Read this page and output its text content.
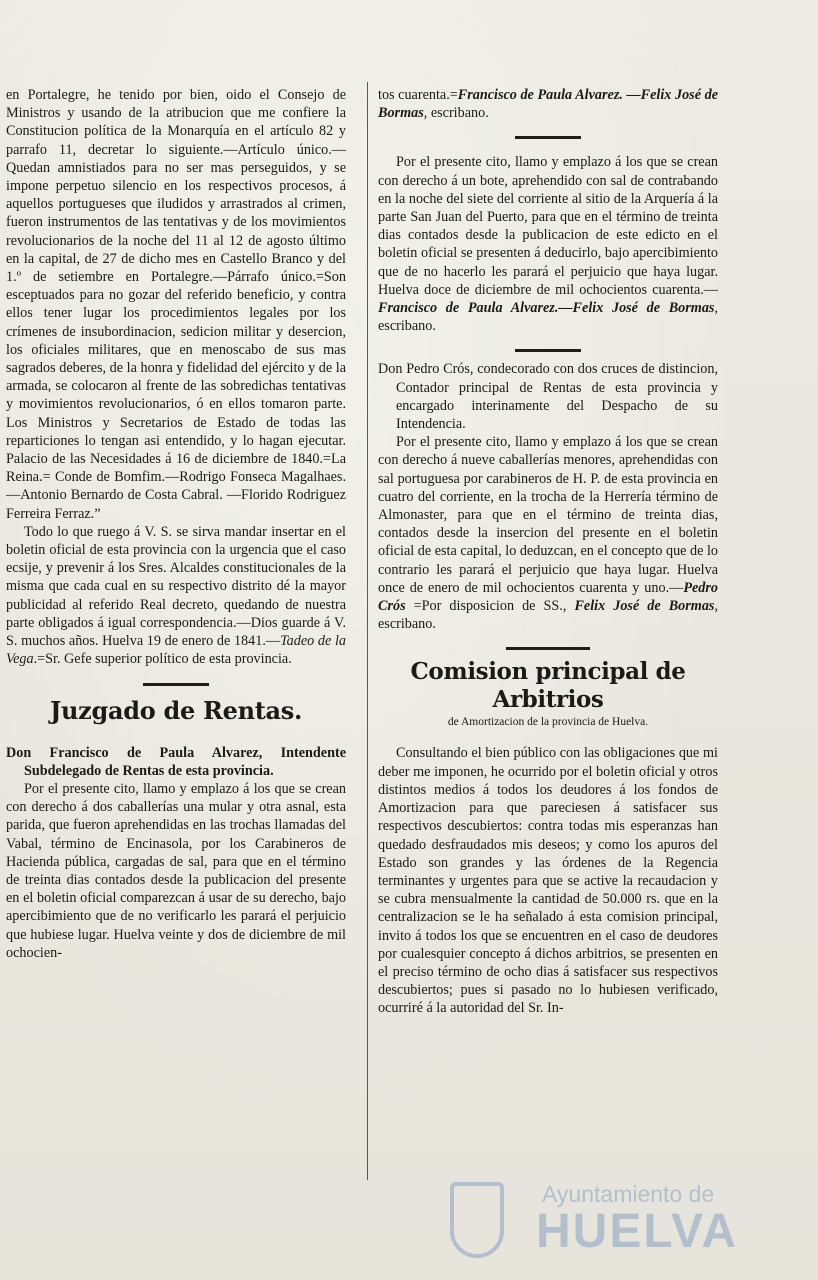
en Portalegre, he tenido por bien, oido el Consejo de Ministros y usando de la atribucion que me confiere la Constitucion política de la Monarquía en el artículo 82 y parrafo 11, decretar lo siguiente.—Artículo único.—Quedan amnistiados para no ser mas perseguidos, y se impone perpetuo silencio en los respectivos procesos, á aquellos portugueses que iludidos y arrastrados al crimen, fueron instrumentos de las tentativas y de los movimientos revolucionarios de la noche del 11 al 12 de agosto último en la capital, de 27 de dicho mes en Castello Branco y del 1.º de setiembre en Portalegre.—Párrafo único.=Son esceptuados para no gozar del referido beneficio, y contra ellos tener lugar los procedimientos legales por los crímenes de insubordinacion, sedicion militar y desercion, los oficiales militares, que en menoscabo de sus mas sagrados deberes, de la honra y fidelidad del ejército y de la armada, se colocaron al frente de las sobredichas tentativas y movimientos revolucionarios, ó en ellos tomaron parte. Los Ministros y Secretarios de Estado de todas las reparticiones lo tengan asi entendido, y lo hagan ejecutar. Palacio de las Necesidades á 16 de diciembre de 1840.=La Reina.= Conde de Bomfim.—Rodrigo Fonseca Magalhaes.—Antonio Bernardo de Costa Cabral. —Florido Rodriguez Ferreira Ferraz.”

Todo lo que ruego á V. S. se sirva mandar insertar en el boletin oficial de esta provincia con la urgencia que el caso ecsije, y prevenir á los Sres. Alcaldes constitucionales de la misma que cada cual en su respectivo distrito dé la mayor publicidad al referido Real decreto, quedando de nuestra parte obligados á igual correspondencia.—Dios guarde á V. S. muchos años. Huelva 19 de enero de 1841.—Tadeo de la Vega.=Sr. Gefe superior político de esta provincia.

Juzgado de Rentas.

Don Francisco de Paula Alvarez, Intendente Subdelegado de Rentas de esta provincia.

Por el presente cito, llamo y emplazo á los que se crean con derecho á dos caballerías una mular y otra asnal, esta parida, que fueron aprehendidas en las trochas llamadas del Vabal, término de Encinasola, por los Carabineros de Hacienda pública, cargadas de sal, para que en el término de treinta dias contados desde la publicacion del presente en el boletin oficial comparezcan á usar de su derecho, bajo apercibimiento que de no verificarlo les parará el perjuicio que hubiese lugar. Huelva veinte y dos de diciembre de mil ochocien-

tos cuarenta.=Francisco de Paula Alvarez. —Felix José de Bormas, escribano.

Por el presente cito, llamo y emplazo á los que se crean con derecho á un bote, aprehendido con sal de contrabando en la noche del siete del corriente al sitio de la Arquería á la parte San Juan del Puerto, para que en el término de treinta dias contados desde la publicacion de este edicto en el boletin oficial se presenten á deducirlo, bajo apercibimiento que de no hacerlo les parará el perjuicio que haya lugar. Huelva doce de diciembre de mil ochocientos cuarenta.—Francisco de Paula Alvarez.—Felix José de Bormas, escribano.

Don Pedro Crós, condecorado con dos cruces de distincion, Contador principal de Rentas de esta provincia y encargado interinamente del Despacho de su Intendencia.

Por el presente cito, llamo y emplazo á los que se crean con derecho á nueve caballerías menores, aprehendidas con sal portuguesa por carabineros de H. P. de esta provincia en cuatro del corriente, en la trocha de la Herrería término de Almonaster, para que en el término de treinta dias, contados desde la insercion del presente en el boletin oficial de esta capital, lo deduzcan, en el concepto que de lo contrario les parará el perjuicio que haya lugar. Huelva once de enero de mil ochocientos cuarenta y uno.—Pedro Crós =Por disposicion de SS., Felix José de Bormas, escribano.

Comision principal de Arbitrios
de Amortizacion de la provincia de Huelva.

Consultando el bien público con las obligaciones que mi deber me imponen, he ocurrido por el boletin oficial y otros distintos medios á todos los deudores á los fondos de Amortizacion para que pareciesen á satisfacer sus respectivos descubiertos: contra todas mis esperanzas han quedado desfraudados mis deseos; y como los apuros del Estado son grandes y las órdenes de la Regencia terminantes y urgentes para que se active la recaudacion y se cubra mensualmente la cantidad de 50.000 rs. que en la centralizacion se le ha señalado á esta comision principal, invito á todos los que se encuentren en el caso de deudores por cualesquier concepto á dichos arbitrios, se presenten en el preciso término de ocho dias á satisfacer sus respectivos descubiertos; pues si pasado no lo hubiesen verificado, ocurriré á la autoridad del Sr. In-

Ayuntamiento de
HUELVA
